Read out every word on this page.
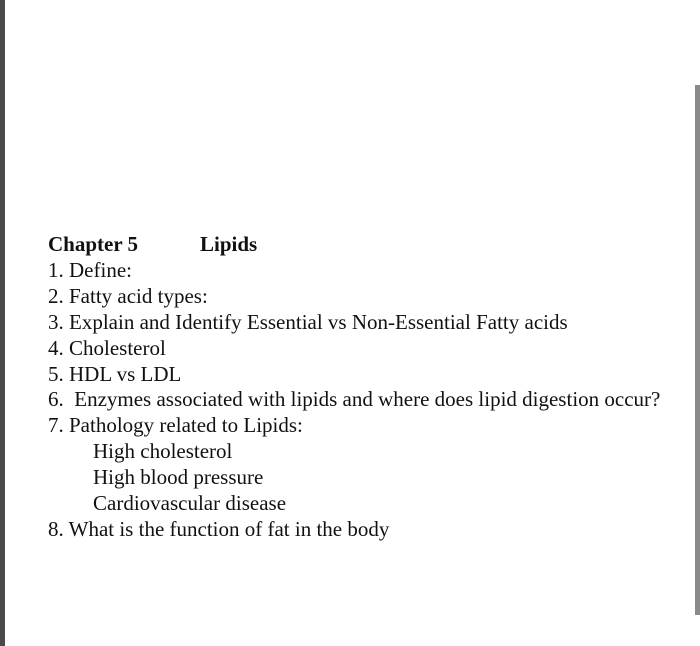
Chapter 5	Lipids
1. Define:
2. Fatty acid types:
3. Explain and Identify Essential vs Non-Essential Fatty acids
4. Cholesterol
5. HDL vs LDL
6.  Enzymes associated with lipids and where does lipid digestion occur?
7. Pathology related to Lipids:
High cholesterol
High blood pressure
Cardiovascular disease
8. What is the function of fat in the body
